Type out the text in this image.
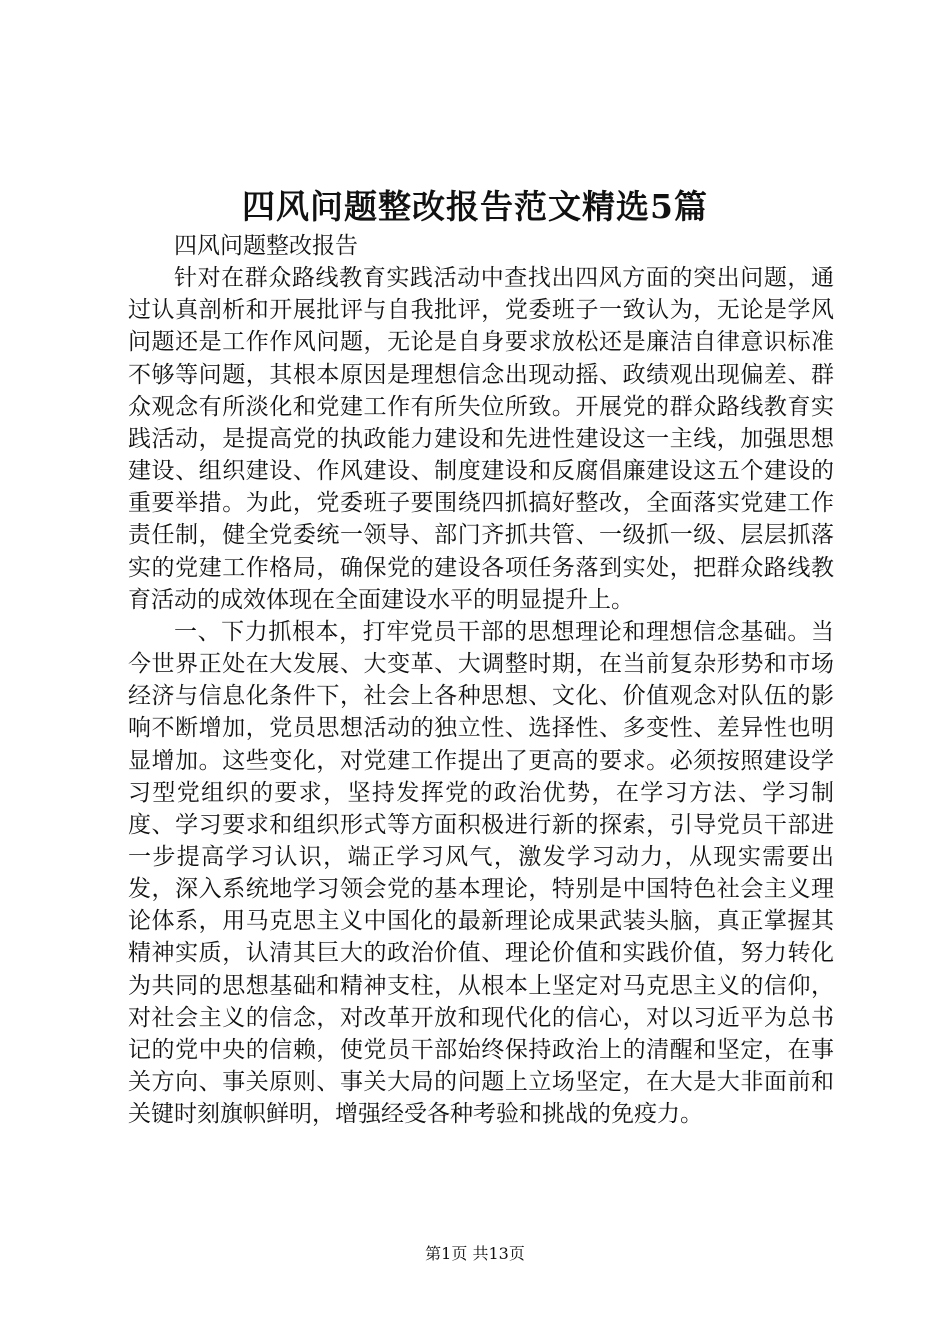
四风问题整改报告范文精选5篇

四风问题整改报告

针对在群众路线教育实践活动中查找出四风方面的突出问题，通过认真剖析和开展批评与自我批评，党委班子一致认为，无论是学风问题还是工作作风问题，无论是自身要求放松还是廉洁自律意识标准不够等问题，其根本原因是理想信念出现动摇、政绩观出现偏差、群众观念有所淡化和党建工作有所失位所致。开展党的群众路线教育实践活动，是提高党的执政能力建设和先进性建设这一主线，加强思想建设、组织建设、作风建设、制度建设和反腐倡廉建设这五个建设的重要举措。为此，党委班子要围绕四抓搞好整改，全面落实党建工作责任制，健全党委统一领导、部门齐抓共管、一级抓一级、层层抓落实的党建工作格局，确保党的建设各项任务落到实处，把群众路线教育活动的成效体现在全面建设水平的明显提升上。

一、下力抓根本，打牢党员干部的思想理论和理想信念基础。当今世界正处在大发展、大变革、大调整时期，在当前复杂形势和市场经济与信息化条件下，社会上各种思想、文化、价值观念对队伍的影响不断增加，党员思想活动的独立性、选择性、多变性、差异性也明显增加。这些变化，对党建工作提出了更高的要求。必须按照建设学习型党组织的要求，坚持发挥党的政治优势，在学习方法、学习制度、学习要求和组织形式等方面积极进行新的探索，引导党员干部进一步提高学习认识，端正学习风气，激发学习动力，从现实需要出发，深入系统地学习领会党的基本理论，特别是中国特色社会主义理论体系，用马克思主义中国化的最新理论成果武装头脑，真正掌握其精神实质，认清其巨大的政治价值、理论价值和实践价值，努力转化为共同的思想基础和精神支柱，从根本上坚定对马克思主义的信仰，对社会主义的信念，对改革开放和现代化的信心，对以习近平为总书记的党中央的信赖，使党员干部始终保持政治上的清醒和坚定，在事关方向、事关原则、事关大局的问题上立场坚定，在大是大非面前和关键时刻旗帜鲜明，增强经受各种考验和挑战的免疫力。

第1页 共13页
